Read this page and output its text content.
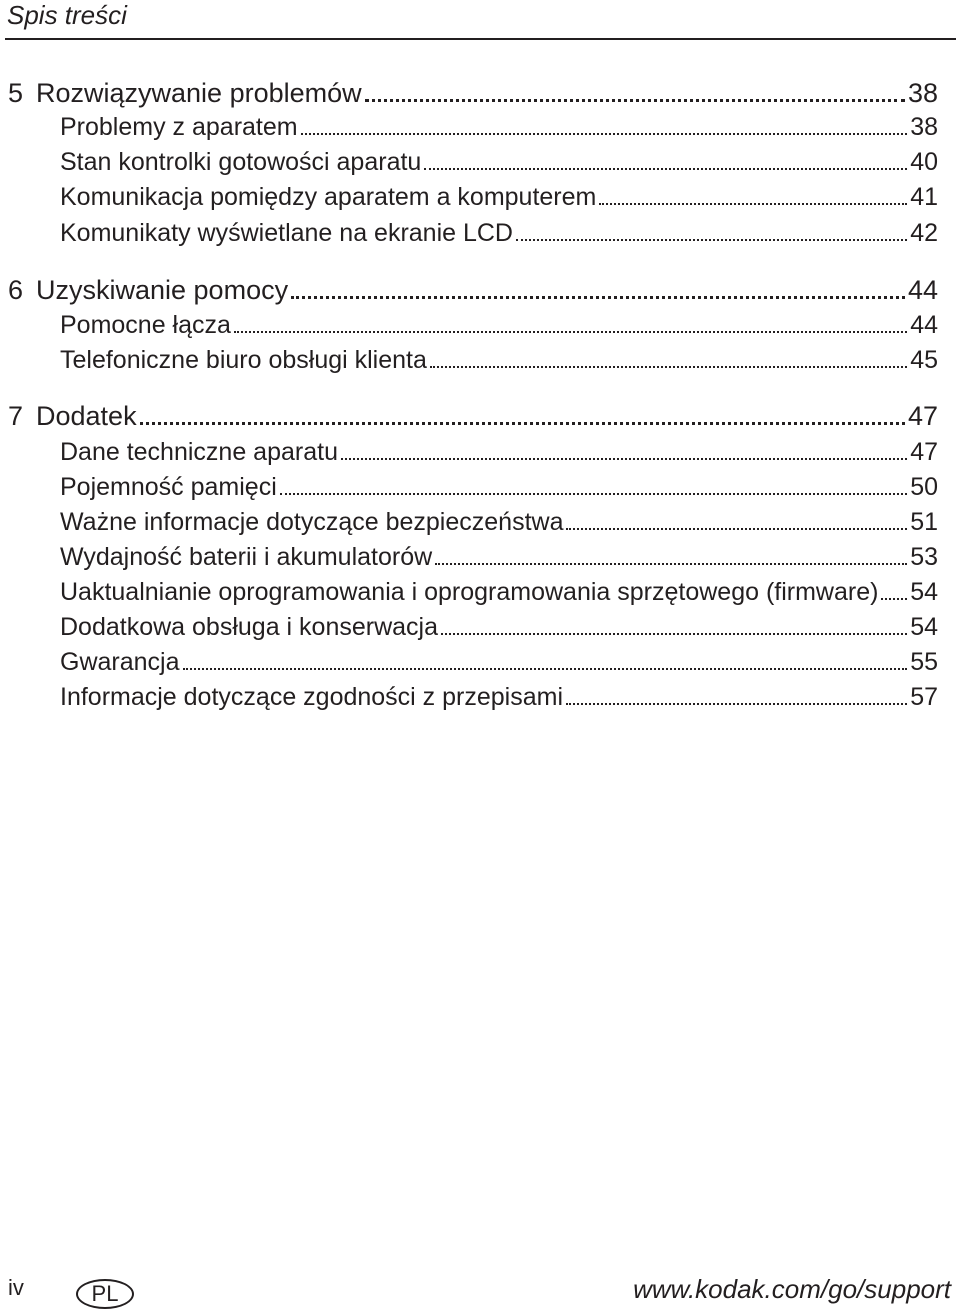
Spis treści
5 Rozwiązywanie problemów	38
Problemy z aparatem	38
Stan kontrolki gotowości aparatu	40
Komunikacja pomiędzy aparatem a komputerem	41
Komunikaty wyświetlane na ekranie LCD	42
6 Uzyskiwanie pomocy	44
Pomocne łącza	44
Telefoniczne biuro obsługi klienta	45
7 Dodatek	47
Dane techniczne aparatu	47
Pojemność pamięci	50
Ważne informacje dotyczące bezpieczeństwa	51
Wydajność baterii i akumulatorów	53
Uaktualnianie oprogramowania i oprogramowania sprzętowego (firmware) 54
Dodatkowa obsługa i konserwacja	54
Gwarancja	55
Informacje dotyczące zgodności z przepisami	57
iv	PL	www.kodak.com/go/support
